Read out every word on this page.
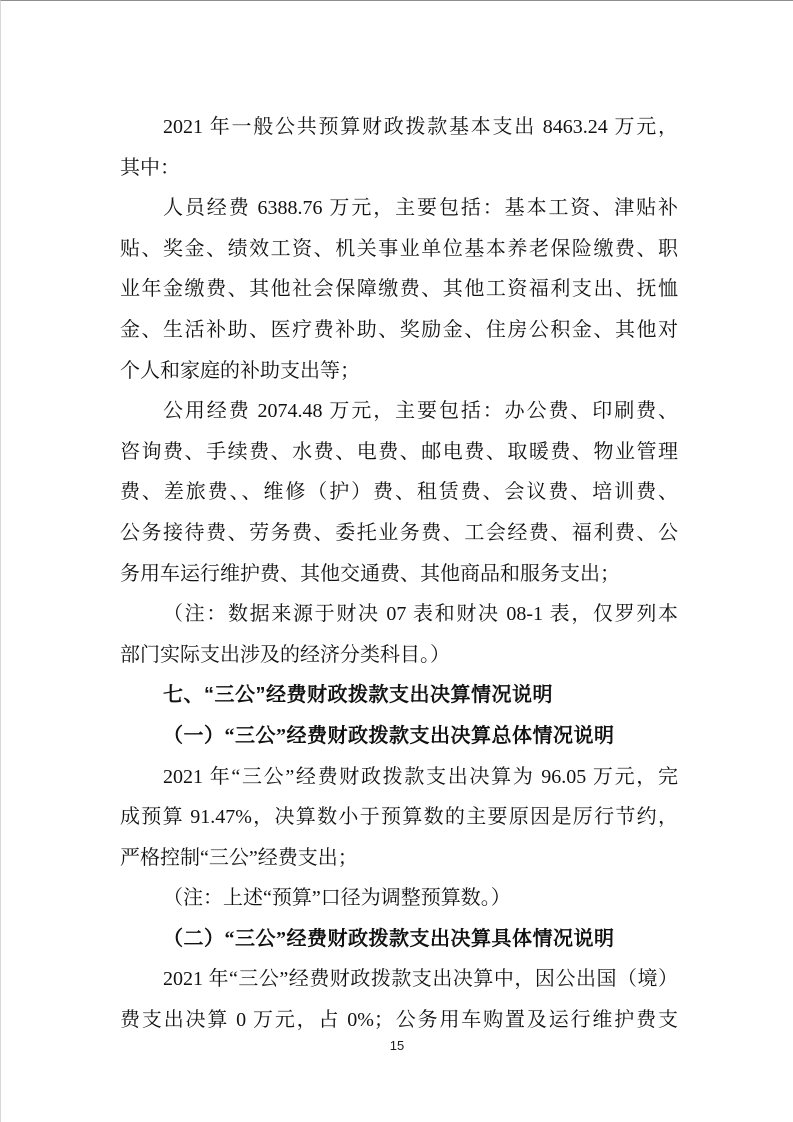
2021 年一般公共预算财政拨款基本支出 8463.24 万元，
其中：
人员经费 6388.76 万元，主要包括：基本工资、津贴补
贴、奖金、绩效工资、机关事业单位基本养老保险缴费、职
业年金缴费、其他社会保障缴费、其他工资福利支出、抚恤
金、生活补助、医疗费补助、奖励金、住房公积金、其他对
个人和家庭的补助支出等；
公用经费 2074.48 万元，主要包括：办公费、印刷费、
咨询费、手续费、水费、电费、邮电费、取暖费、物业管理
费、差旅费、、维修（护）费、租赁费、会议费、培训费、
公务接待费、劳务费、委托业务费、工会经费、福利费、公
务用车运行维护费、其他交通费、其他商品和服务支出；
（注：数据来源于财决 07 表和财决 08-1 表，仅罗列本
部门实际支出涉及的经济分类科目。）
七、“三公”经费财政拨款支出决算情况说明
（一）“三公”经费财政拨款支出决算总体情况说明
2021 年“三公”经费财政拨款支出决算为 96.05 万元，完
成预算 91.47%，决算数小于预算数的主要原因是厉行节约，
严格控制“三公”经费支出；
（注：上述“预算”口径为调整预算数。）
（二）“三公”经费财政拨款支出决算具体情况说明
2021 年“三公”经费财政拨款支出决算中，因公出国（境）
费支出决算 0 万元，占 0%；公务用车购置及运行维护费支
15
